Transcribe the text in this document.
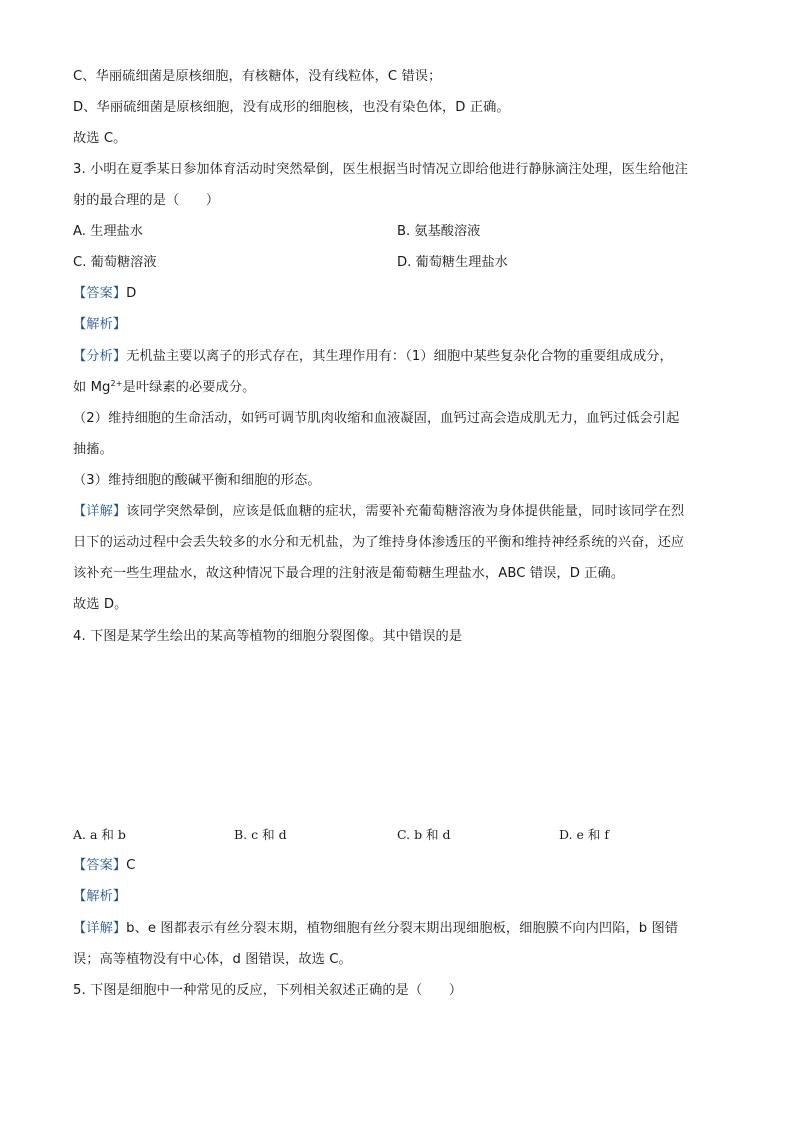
C、华丽硫细菌是原核细胞，有核糖体，没有线粒体，C 错误；
D、华丽硫细菌是原核细胞，没有成形的细胞核，也没有染色体，D 正确。
故选 C。
3. 小明在夏季某日参加体育活动时突然晕倒，医生根据当时情况立即给他进行静脉滴注处理，医生给他注
射的最合理的是（　　）
A. 生理盐水	B. 氨基酸溶液
C. 葡萄糖溶液	D. 葡萄糖生理盐水
【答案】D
【解析】
【分析】无机盐主要以离子的形式存在，其生理作用有：（1）细胞中某些复杂化合物的重要组成成分，
如 $Mg^{2+}$是叶绿素的必要成分。
（2）维持细胞的生命活动，如钙可调节肌肉收缩和血液凝固，血钙过高会造成肌无力，血钙过低会引起
抽搐。
（3）维持细胞的酸碱平衡和细胞的形态。
【详解】该同学突然晕倒，应该是低血糖的症状，需要补充葡萄糖溶液为身体提供能量，同时该同学在烈
日下的运动过程中会丢失较多的水分和无机盐，为了维持身体渗透压的平衡和维持神经系统的兴奋，还应
该补充一些生理盐水，故这种情况下最合理的注射液是葡萄糖生理盐水，ABC 错误，D 正确。
故选 D。
4. 下图是某学生绘出的某高等植物的细胞分裂图像。其中错误的是
A. a 和 b	B. c 和 d	C. b 和 d	D. e 和 f
【答案】C
【解析】
【详解】b、e 图都表示有丝分裂末期，植物细胞有丝分裂末期出现细胞板，细胞膜不向内凹陷，b 图错
误；高等植物没有中心体，d 图错误，故选 C。
5. 下图是细胞中一种常见的反应，下列相关叙述正确的是（　　）
